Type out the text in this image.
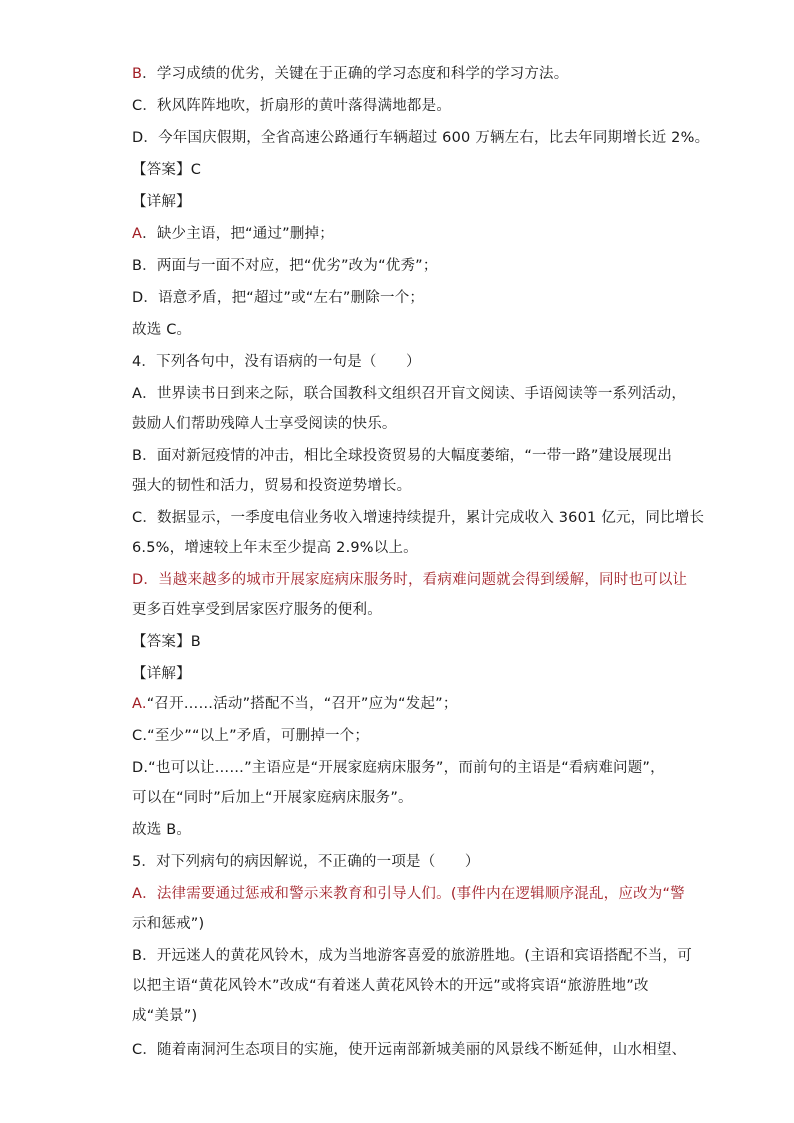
B．学习成绩的优劣，关键在于正确的学习态度和科学的学习方法。
C．秋风阵阵地吹，折扇形的黄叶落得满地都是。
D．今年国庆假期，全省高速公路通行车辆超过 600 万辆左右，比去年同期增长近 2%。
【答案】C
【详解】
A．缺少主语，把“通过”删掉；
B．两面与一面不对应，把“优劣”改为“优秀”；
D．语意矛盾，把“超过”或“左右”删除一个；
故选 C。
4．下列各句中，没有语病的一句是（　　）
A．世界读书日到来之际，联合国教科文组织召开盲文阅读、手语阅读等一系列活动，
鼓励人们帮助残障人士享受阅读的快乐。
B．面对新冠疫情的冲击，相比全球投资贸易的大幅度萎缩，“一带一路”建设展现出
强大的韧性和活力，贸易和投资逆势增长。
C．数据显示，一季度电信业务收入增速持续提升，累计完成收入 3601 亿元，同比增长
6.5%，增速较上年末至少提高 2.9%以上。
D．当越来越多的城市开展家庭病床服务时，看病难问题就会得到缓解，同时也可以让
更多百姓享受到居家医疗服务的便利。
【答案】B
【详解】
A.“召开……活动”搭配不当，“召开”应为“发起”；
C.“至少”“以上”矛盾，可删掉一个；
D.“也可以让……”主语应是“开展家庭病床服务”，而前句的主语是“看病难问题”，
可以在“同时”后加上“开展家庭病床服务”。
故选 B。
5．对下列病句的病因解说，不正确的一项是（　　）
A．法律需要通过惩戒和警示来教育和引导人们。(事件内在逻辑顺序混乱，应改为“警
示和惩戒”)
B．开远迷人的黄花风铃木，成为当地游客喜爱的旅游胜地。(主语和宾语搭配不当，可
以把主语“黄花风铃木”改成“有着迷人黄花风铃木的开远”或将宾语“旅游胜地”改
成“美景”)
C．随着南洞河生态项目的实施，使开远南部新城美丽的风景线不断延伸，山水相望、
